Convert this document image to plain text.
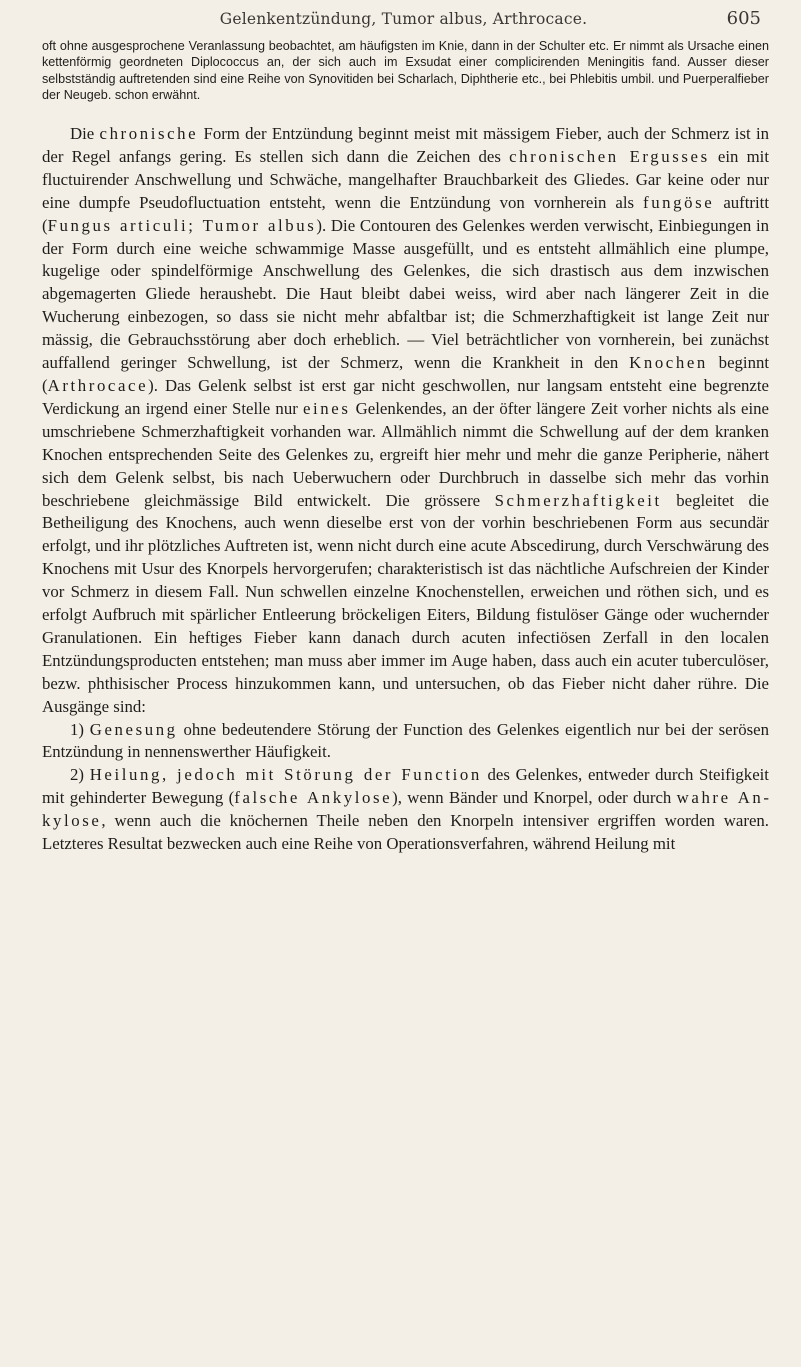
Gelenkentzündung, Tumor albus, Arthrocace.	605

oft ohne ausgesprochene Veranlassung beobachtet, am häufigsten im Knie, dann in der Schulter etc. Er nimmt als Ursache einen kettenförmig geordneten Diplococcus an, der sich auch im Exsudat einer complicirenden Meningitis fand. Ausser dieser selbstständig auftretenden sind eine Reihe von Synovitiden bei Scharlach, Diphtherie etc., bei Phlebitis umbil. und Puerperalfieber der Neugeb. schon erwähnt.

Die chronische Form der Entzündung beginnt meist mit mässigem Fieber, auch der Schmerz ist in der Regel anfangs gering. Es stellen sich dann die Zeichen des chronischen Ergusses ein mit fluctuirender Anschwellung und Schwäche, mangelhafter Brauchbarkeit des Gliedes. Gar keine oder nur eine dumpfe Pseudofluctuation entsteht, wenn die Entzündung von vornherein als fungöse auftritt (Fungus articuli; Tumor albus). Die Contouren des Gelenkes werden verwischt, Einbiegungen in der Form durch eine weiche schwammige Masse ausgefüllt, und es entsteht allmählich eine plumpe, kugelige oder spindelförmige Anschwellung des Gelenkes, die sich drastisch aus dem inzwischen abgemagerten Gliede heraushebt. Die Haut bleibt dabei weiss, wird aber nach längerer Zeit in die Wucherung einbezogen, so dass sie nicht mehr abfaltbar ist; die Schmerzhaftigkeit ist lange Zeit nur mässig, die Gebrauchsstörung aber doch erheblich. — Viel beträchtlicher von vornherein, bei zunächst auffallend geringer Schwellung, ist der Schmerz, wenn die Krankheit in den Knochen beginnt (Arthrocace). Das Gelenk selbst ist erst gar nicht geschwollen, nur langsam entsteht eine begrenzte Verdickung an irgend einer Stelle nur eines Gelenkendes, an der öfter längere Zeit vorher nichts als eine umschriebene Schmerzhaftigkeit vorhanden war. Allmählich nimmt die Schwellung auf der dem kranken Knochen entsprechenden Seite des Gelenkes zu, ergreift hier mehr und mehr die ganze Peripherie, nähert sich dem Gelenk selbst, bis nach Ueberwuchern oder Durchbruch in dasselbe sich mehr das vorhin beschriebene gleichmässige Bild entwickelt. Die grössere Schmerzhaftigkeit begleitet die Betheiligung des Knochens, auch wenn dieselbe erst von der vorhin beschriebenen Form aus secundär erfolgt, und ihr plötzliches Auftreten ist, wenn nicht durch eine acute Abscedirung, durch Verschwärung des Knochens mit Usur des Knorpels hervorgerufen; charakteristisch ist das nächtliche Aufschreien der Kinder vor Schmerz in diesem Fall. Nun schwellen einzelne Knochenstellen, erweichen und röthen sich, und es erfolgt Aufbruch mit spärlicher Entleerung bröckeligen Eiters, Bildung fistulöser Gänge oder wuchernder Granulationen. Ein heftiges Fieber kann danach durch acuten infectiösen Zerfall in den localen Entzündungsproducten entstehen; man muss aber immer im Auge haben, dass auch ein acuter tuberculöser, bezw. phthisischer Process hinzukommen kann, und untersuchen, ob das Fieber nicht daher rühre. Die Ausgänge sind:

1) Genesung ohne bedeutendere Störung der Function des Gelenkes eigentlich nur bei der serösen Entzündung in nennenswerther Häufigkeit.

2) Heilung, jedoch mit Störung der Function des Gelenkes, entweder durch Steifigkeit mit gehinderter Bewegung (falsche Ankylose), wenn Bänder und Knorpel, oder durch wahre Ankylose, wenn auch die knöchernen Theile neben den Knorpeln intensiver ergriffen worden waren. Letzteres Resultat bezwecken auch eine Reihe von Operationsverfahren, während Heilung mit
